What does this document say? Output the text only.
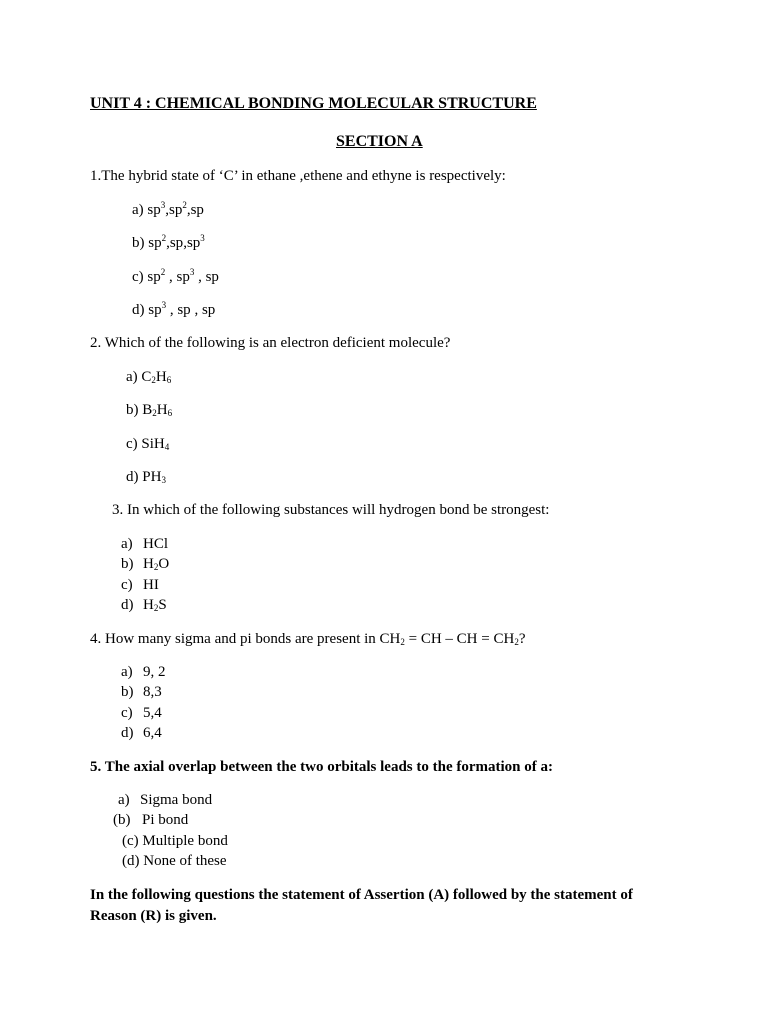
UNIT 4 : CHEMICAL BONDING MOLECULAR STRUCTURE
SECTION A
1.The hybrid state of ‘C’ in ethane ,ethene and ethyne is respectively:
a) $sp^3,sp^2,sp$
b) $sp^2,sp,sp^3$
c) $sp^2$ , $sp^3$ , sp
d) $sp^3$ , sp , sp
2. Which of the following is an electron deficient molecule?
a) $C_2H_6$
b) $B_2H_6$
c) SiH$_4$
d) $PH_3$
3. In which of the following substances will hydrogen bond be strongest:
a) HCl
b) $H_2O$
c) HI
d) $H_2S$
4. How many sigma and pi bonds are present in $CH_2$ = CH – CH = $CH_2$?
a) 9, 2
b) 8,3
c) 5,4
d) 6,4
5. The axial overlap between the two orbitals leads to the formation of a:
a) Sigma bond
(b) Pi bond
(c) Multiple bond
(d) None of these
In the following questions the statement of Assertion (A) followed by the statement of
Reason (R) is given.
